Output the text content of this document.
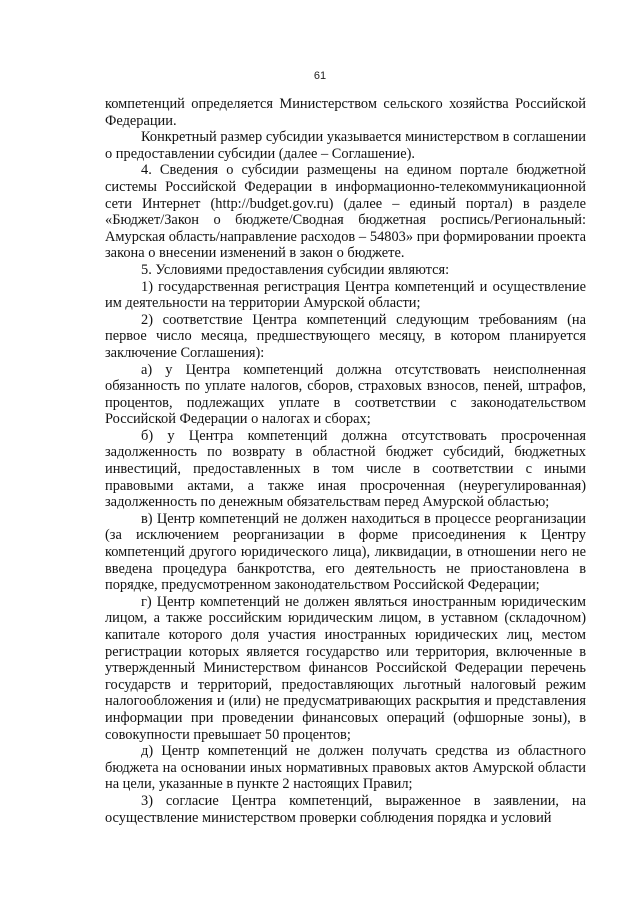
61

компетенций определяется Министерством сельского хозяйства Российской Федерации.

Конкретный размер субсидии указывается министерством в соглашении о предоставлении субсидии (далее – Соглашение).

4. Сведения о субсидии размещены на едином портале бюджетной системы Российской Федерации в информационно-телекоммуникационной сети Интернет (http://budget.gov.ru) (далее – единый портал) в разделе «Бюджет/Закон о бюджете/Сводная бюджетная роспись/Региональный: Амурская область/направление расходов – 54803» при формировании проекта закона о внесении изменений в закон о бюджете.

5. Условиями предоставления субсидии являются:

1) государственная регистрация Центра компетенций и осуществление им деятельности на территории Амурской области;

2) соответствие Центра компетенций следующим требованиям (на первое число месяца, предшествующего месяцу, в котором планируется заключение Соглашения):

а) у Центра компетенций должна отсутствовать неисполненная обязанность по уплате налогов, сборов, страховых взносов, пеней, штрафов, процентов, подлежащих уплате в соответствии с законодательством Российской Федерации о налогах и сборах;

б) у Центра компетенций должна отсутствовать просроченная задолженность по возврату в областной бюджет субсидий, бюджетных инвестиций, предоставленных в том числе в соответствии с иными правовыми актами, а также иная просроченная (неурегулированная) задолженность по денежным обязательствам перед Амурской областью;

в) Центр компетенций не должен находиться в процессе реорганизации (за исключением реорганизации в форме присоединения к Центру компетенций другого юридического лица), ликвидации, в отношении него не введена процедура банкротства, его деятельность не приостановлена в порядке, предусмотренном законодательством Российской Федерации;

г) Центр компетенций не должен являться иностранным юридическим лицом, а также российским юридическим лицом, в уставном (складочном) капитале которого доля участия иностранных юридических лиц, местом регистрации которых является государство или территория, включенные в утвержденный Министерством финансов Российской Федерации перечень государств и территорий, предоставляющих льготный налоговый режим налогообложения и (или) не предусматривающих раскрытия и представления информации при проведении финансовых операций (офшорные зоны), в совокупности превышает 50 процентов;

д) Центр компетенций не должен получать средства из областного бюджета на основании иных нормативных правовых актов Амурской области на цели, указанные в пункте 2 настоящих Правил;

3) согласие Центра компетенций, выраженное в заявлении, на осуществление министерством проверки соблюдения порядка и условий
